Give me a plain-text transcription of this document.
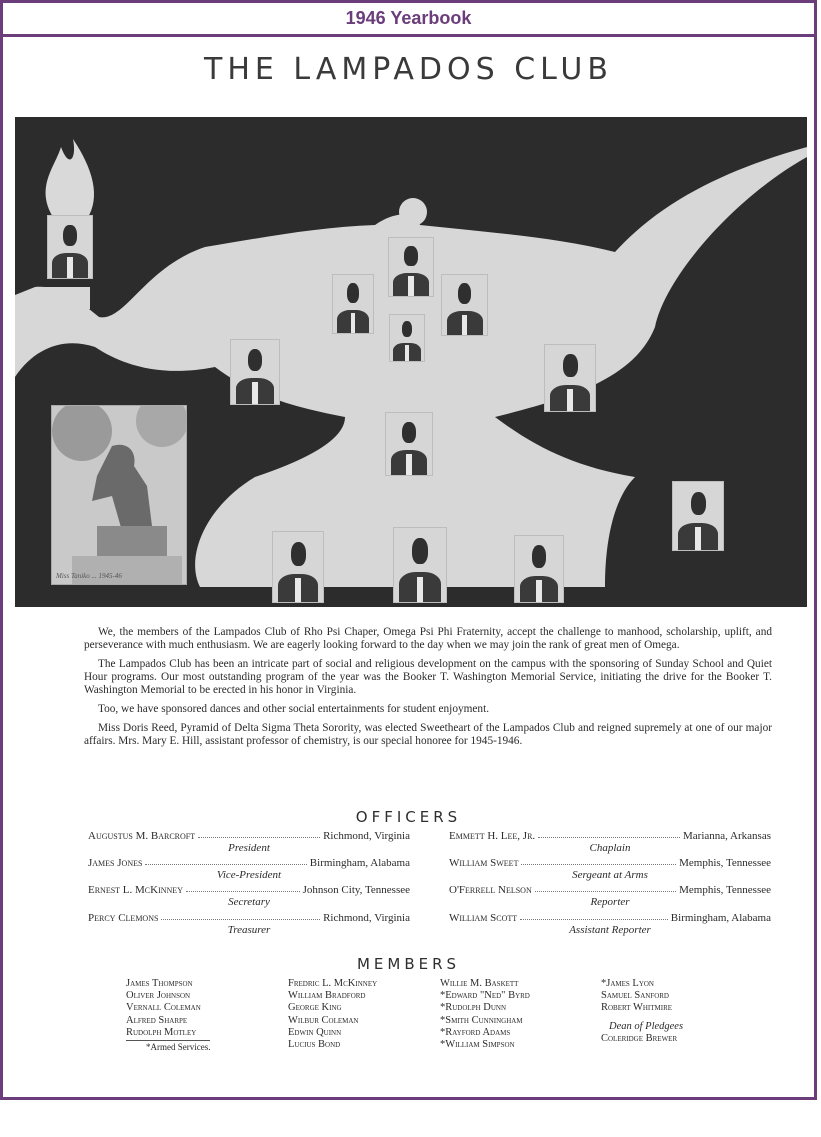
1946 Yearbook
THE LAMPADOS CLUB
Miss Taniko ... 1945-46

We, the members of the Lampados Club of Rho Psi Chaper, Omega Psi Phi Fraternity, accept the challenge to manhood, scholarship, uplift, and perseverance with much enthusiasm. We are eagerly looking forward to the day when we may join the rank of great men of Omega.

The Lampados Club has been an intricate part of social and religious development on the campus with the sponsoring of Sunday School and Quiet Hour programs. Our most outstanding program of the year was the Booker T. Washington Memorial Service, initiating the drive for the Booker T. Washington Memorial to be erected in his honor in Virginia.

Too, we have sponsored dances and other social entertainments for student enjoyment.

Miss Doris Reed, Pyramid of Delta Sigma Theta Sorority, was elected Sweetheart of the Lampados Club and reigned supremely at one of our major affairs. Mrs. Mary E. Hill, assistant professor of chemistry, is our special honoree for 1945-1946.

OFFICERS
Augustus M. Barcroft	Richmond, Virginia
President
James Jones	Birmingham, Alabama
Vice-President
Ernest L. McKinney	Johnson City, Tennessee
Secretary
Percy Clemons	Richmond, Virginia
Treasurer
Emmett H. Lee, Jr.	Marianna, Arkansas
Chaplain
William Sweet	Memphis, Tennessee
Sergeant at Arms
O'Ferrell Nelson	Memphis, Tennessee
Reporter
William Scott	Birmingham, Alabama
Assistant Reporter
MEMBERS
James Thompson
Oliver Johnson
Vernall Coleman
Alfred Sharpe
Rudolph Motley
*Armed Services.
Fredric L. McKinney
William Bradford
George King
Wilbur Coleman
Edwin Quinn
Lucius Bond
Willie M. Baskett
*Edward "Ned" Byrd
*Rudolph Dunn
*Smith Cunningham
*Rayford Adams
*William Simpson
*James Lyon
Samuel Sanford
Robert Whitmire
Dean of Pledgees
Coleridge Brewer
